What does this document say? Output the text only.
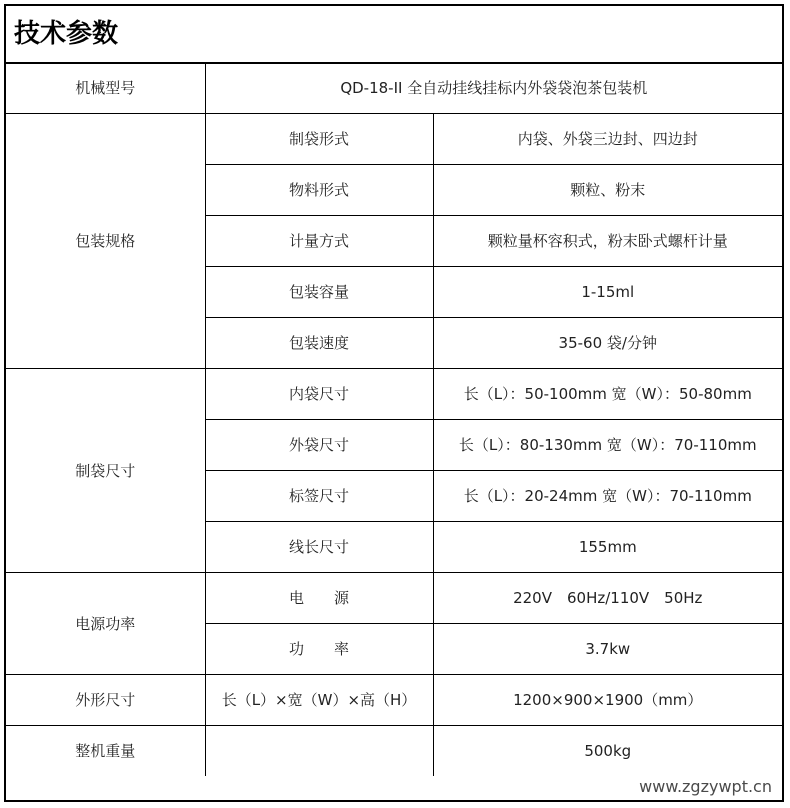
技术参数
机械型号	QD-18-II 全自动挂线挂标内外袋袋泡茶包装机	
包装规格	制袋形式	内袋、外袋三边封、四边封
	物料形式	颗粒、粉末
	计量方式	颗粒量杯容积式，粉末卧式螺杆计量
	包装容量	1-15ml
	包装速度	35-60 袋/分钟
制袋尺寸	内袋尺寸	长（L）：50-100mm 宽（W）：50-80mm
	外袋尺寸	长（L）：80-130mm 宽（W）：70-110mm
	标签尺寸	长（L）：20-24mm 宽（W）：70-110mm
	线长尺寸	155mm
电源功率	电　　源	220V　60Hz/110V　50Hz
	功　　率	3.7kw
外形尺寸	长（L）×宽（W）×高（H）	1200×900×1900（mm）
整机重量		500kg
www.zgzywpt.cn
